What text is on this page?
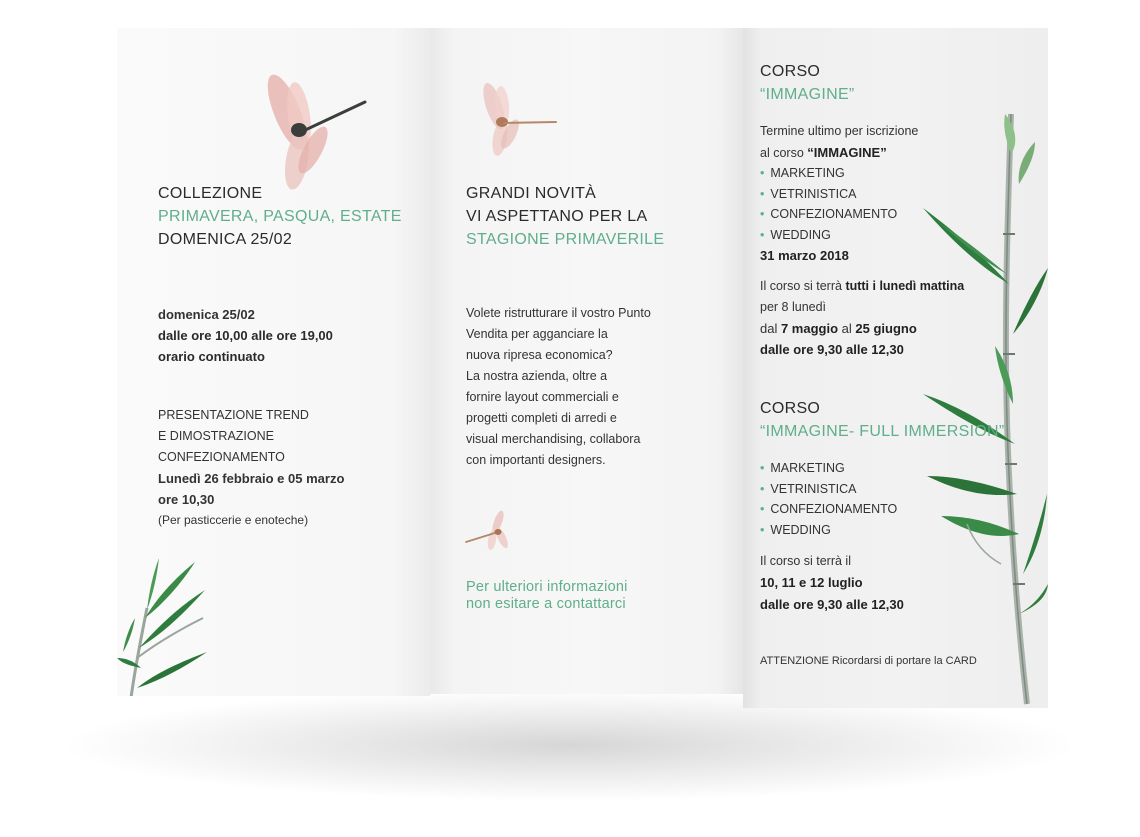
COLLEZIONE
PRIMAVERA, PASQUA, ESTATE
DOMENICA 25/02
domenica 25/02
dalle ore 10,00 alle ore 19,00
orario continuato
PRESENTAZIONE TREND
E DIMOSTRAZIONE
CONFEZIONAMENTO
Lunedì 26 febbraio e 05 marzo
ore 10,30
(Per pasticcerie e enoteche)
GRANDI NOVITÀ
VI ASPETTANO PER LA
STAGIONE PRIMAVERILE
Volete ristrutturare il vostro Punto
Vendita per agganciare la
nuova ripresa economica?
La nostra azienda, oltre a
fornire layout commerciali e
progetti completi di arredi e
visual merchandising, collabora
con importanti designers.
Per ulteriori informazioni
non esitare a contattarci
CORSO
“IMMAGINE”
Termine ultimo per iscrizione
al corso “IMMAGINE”
• MARKETING
• VETRINISTICA
• CONFEZIONAMENTO
• WEDDING
31 marzo 2018
Il corso si terrà tutti i lunedì mattina
per 8 lunedì
dal 7 maggio al 25 giugno
dalle ore 9,30 alle 12,30
CORSO
“IMMAGINE- FULL IMMERSION”
• MARKETING
• VETRINISTICA
• CONFEZIONAMENTO
• WEDDING
Il corso si terrà il
10, 11 e 12 luglio
dalle ore 9,30 alle 12,30
ATTENZIONE Ricordarsi di portare la CARD
